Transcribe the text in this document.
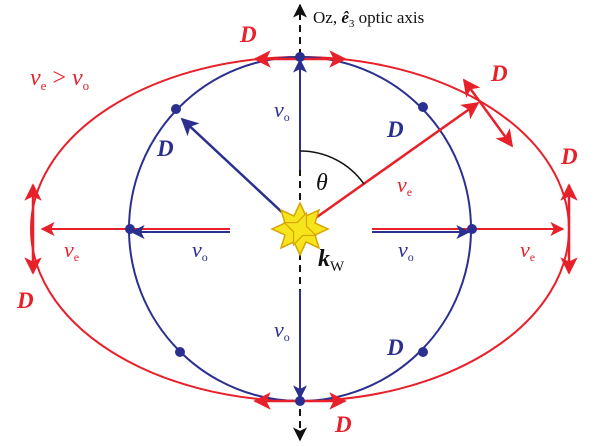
Oz, $ê_3$ optic axis
$v_e > v_o$
D
D
D
D
D
D
D
D
ve	ve
ve
vo	vo
vo
vo
θ
$k_W$
